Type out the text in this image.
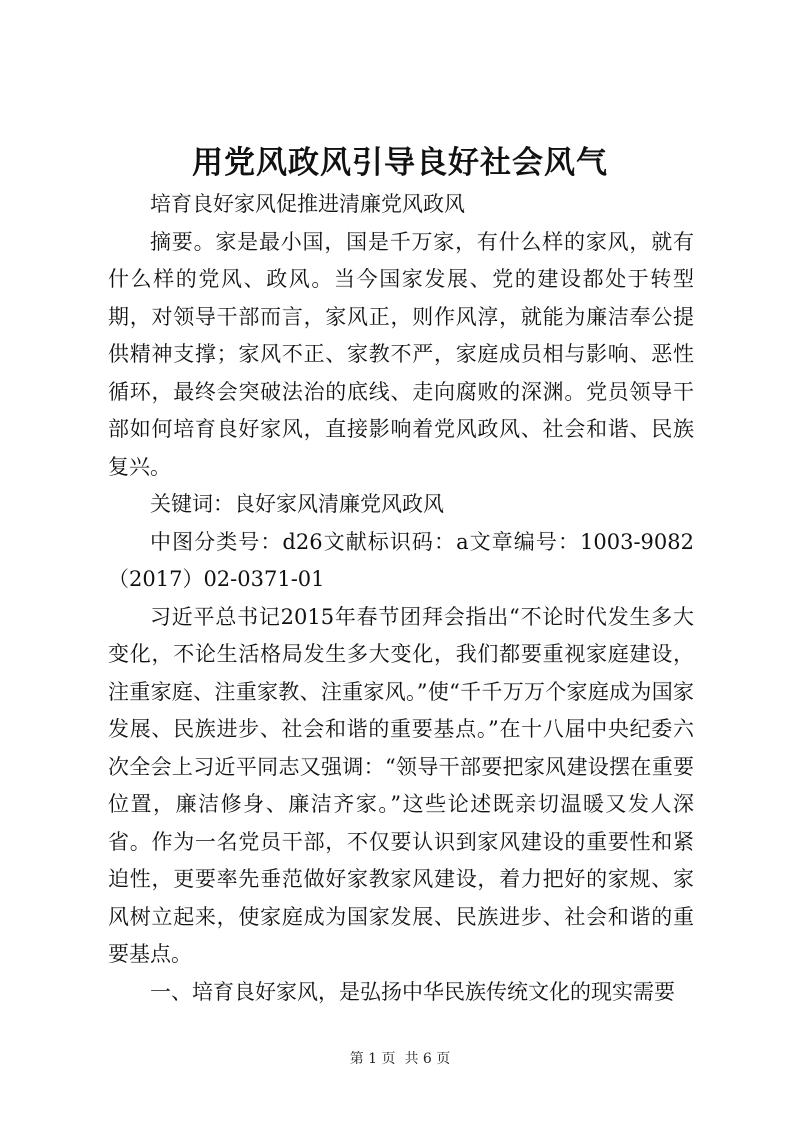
用党风政风引导良好社会风气

培育良好家风促推进清廉党风政风

摘要。家是最小国，国是千万家，有什么样的家风，就有什么样的党风、政风。当今国家发展、党的建设都处于转型期，对领导干部而言，家风正，则作风淳，就能为廉洁奉公提供精神支撑；家风不正、家教不严，家庭成员相与影响、恶性循环，最终会突破法治的底线、走向腐败的深渊。党员领导干部如何培育良好家风，直接影响着党风政风、社会和谐、民族复兴。

关键词：良好家风清廉党风政风

中图分类号：d26文献标识码：a文章编号：1003-9082（2017）02-0371-01

习近平总书记2015年春节团拜会指出“不论时代发生多大变化，不论生活格局发生多大变化，我们都要重视家庭建设，注重家庭、注重家教、注重家风。”使“千千万万个家庭成为国家发展、民族进步、社会和谐的重要基点。”在十八届中央纪委六次全会上习近平同志又强调：“领导干部要把家风建设摆在重要位置，廉洁修身、廉洁齐家。”这些论述既亲切温暖又发人深省。作为一名党员干部，不仅要认识到家风建设的重要性和紧迫性，更要率先垂范做好家教家风建设，着力把好的家规、家风树立起来，使家庭成为国家发展、民族进步、社会和谐的重要基点。

一、培育良好家风，是弘扬中华民族传统文化的现实需要

第 1 页  共 6 页
